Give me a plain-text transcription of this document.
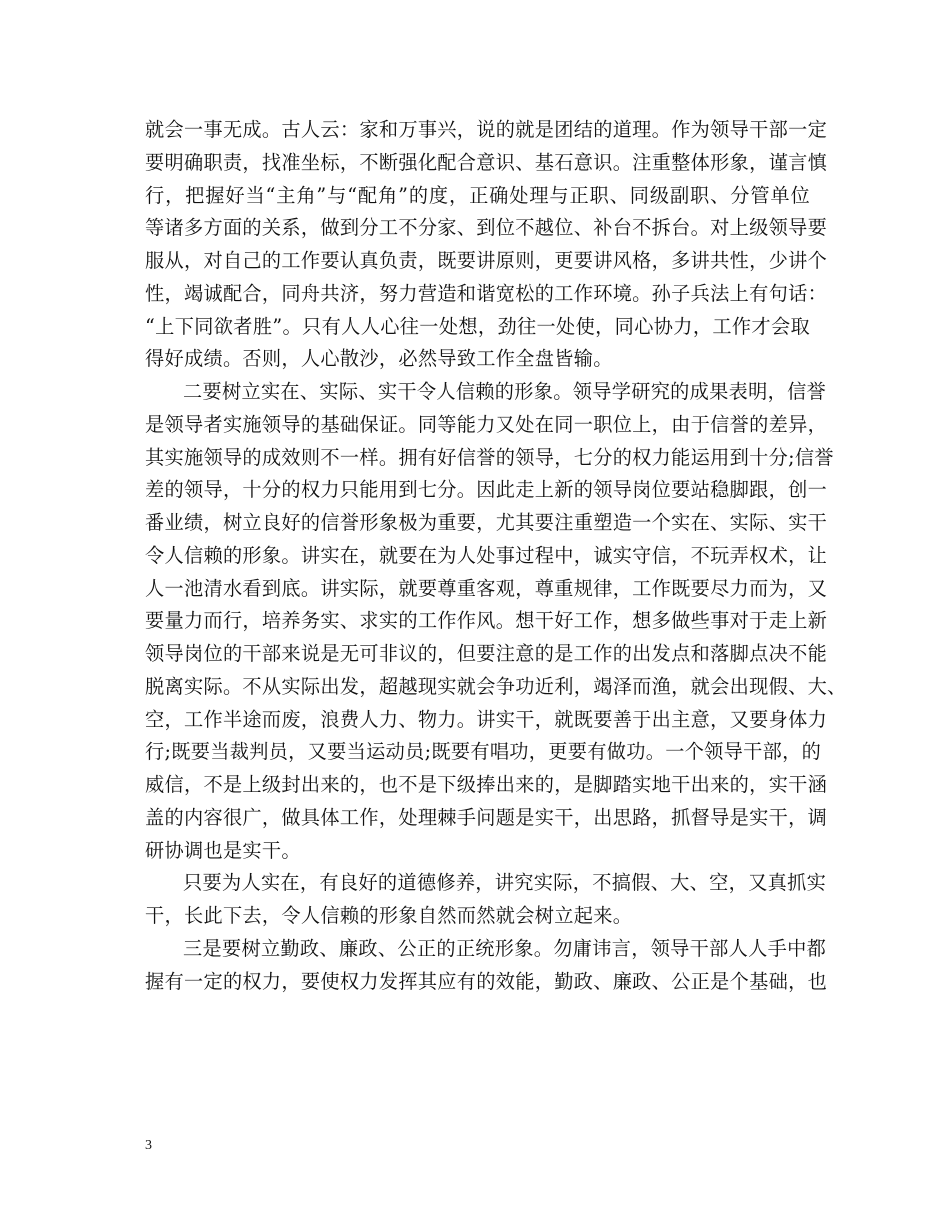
就会一事无成。古人云：家和万事兴，说的就是团结的道理。作为领导干部一定
要明确职责，找准坐标，不断强化配合意识、基石意识。注重整体形象，谨言慎
行，把握好当“主角”与“配角”的度，正确处理与正职、同级副职、分管单位
等诸多方面的关系，做到分工不分家、到位不越位、补台不拆台。对上级领导要
服从，对自己的工作要认真负责，既要讲原则，更要讲风格，多讲共性，少讲个
性，竭诚配合，同舟共济，努力营造和谐宽松的工作环境。孙子兵法上有句话：
“上下同欲者胜”。只有人人心往一处想，劲往一处使，同心协力，工作才会取
得好成绩。否则，人心散沙，必然导致工作全盘皆输。
二要树立实在、实际、实干令人信赖的形象。领导学研究的成果表明，信誉
是领导者实施领导的基础保证。同等能力又处在同一职位上，由于信誉的差异，
其实施领导的成效则不一样。拥有好信誉的领导，七分的权力能运用到十分;信誉
差的领导，十分的权力只能用到七分。因此走上新的领导岗位要站稳脚跟，创一
番业绩，树立良好的信誉形象极为重要，尤其要注重塑造一个实在、实际、实干
令人信赖的形象。讲实在，就要在为人处事过程中，诚实守信，不玩弄权术，让
人一池清水看到底。讲实际，就要尊重客观，尊重规律，工作既要尽力而为，又
要量力而行，培养务实、求实的工作作风。想干好工作，想多做些事对于走上新
领导岗位的干部来说是无可非议的，但要注意的是工作的出发点和落脚点决不能
脱离实际。不从实际出发，超越现实就会争功近利，竭泽而渔，就会出现假、大、
空，工作半途而废，浪费人力、物力。讲实干，就既要善于出主意，又要身体力
行;既要当裁判员，又要当运动员;既要有唱功，更要有做功。一个领导干部，的
威信，不是上级封出来的，也不是下级捧出来的，是脚踏实地干出来的，实干涵
盖的内容很广，做具体工作，处理棘手问题是实干，出思路，抓督导是实干，调
研协调也是实干。
只要为人实在，有良好的道德修养，讲究实际，不搞假、大、空，又真抓实
干，长此下去，令人信赖的形象自然而然就会树立起来。
三是要树立勤政、廉政、公正的正统形象。勿庸讳言，领导干部人人手中都
握有一定的权力，要使权力发挥其应有的效能，勤政、廉政、公正是个基础，也
3
